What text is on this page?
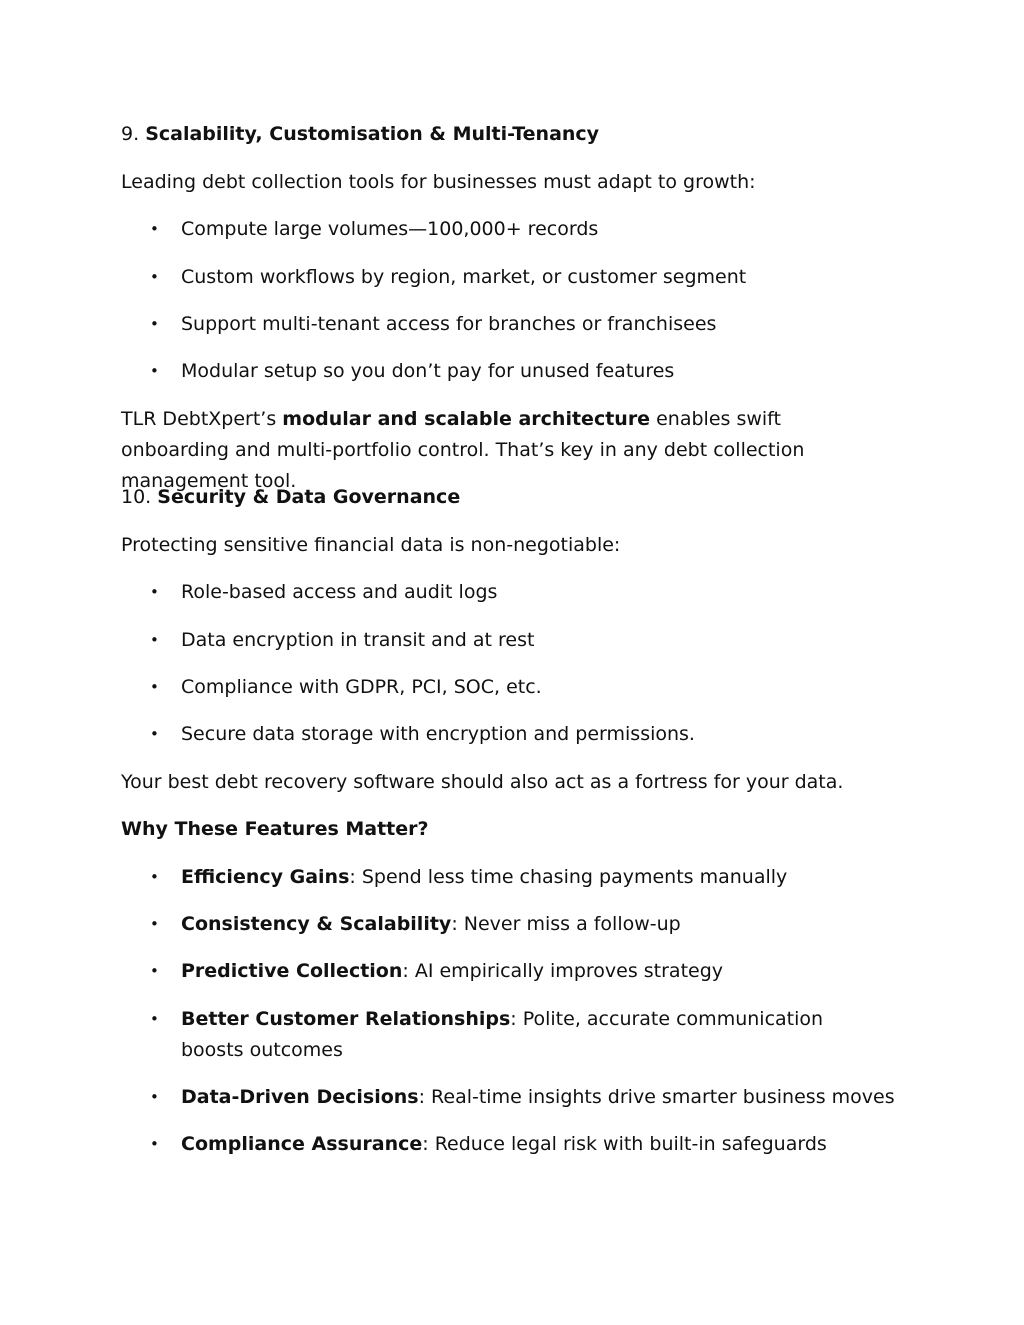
9. Scalability, Customisation & Multi-Tenancy
Leading debt collection tools for businesses must adapt to growth:
•	Compute large volumes—100,000+ records
•	Custom workflows by region, market, or customer segment
•	Support multi-tenant access for branches or franchisees
•	Modular setup so you don’t pay for unused features
TLR DebtXpert’s modular and scalable architecture enables swift onboarding and multi-portfolio control. That’s key in any debt collection management tool.
10. Security & Data Governance
Protecting sensitive financial data is non-negotiable:
•	Role-based access and audit logs
•	Data encryption in transit and at rest
•	Compliance with GDPR, PCI, SOC, etc.
•	Secure data storage with encryption and permissions.
Your best debt recovery software should also act as a fortress for your data.
Why These Features Matter?
•	Efficiency Gains: Spend less time chasing payments manually
•	Consistency & Scalability: Never miss a follow-up
•	Predictive Collection: AI empirically improves strategy
•	Better Customer Relationships: Polite, accurate communication boosts outcomes
•	Data-Driven Decisions: Real-time insights drive smarter business moves
•	Compliance Assurance: Reduce legal risk with built-in safeguards
